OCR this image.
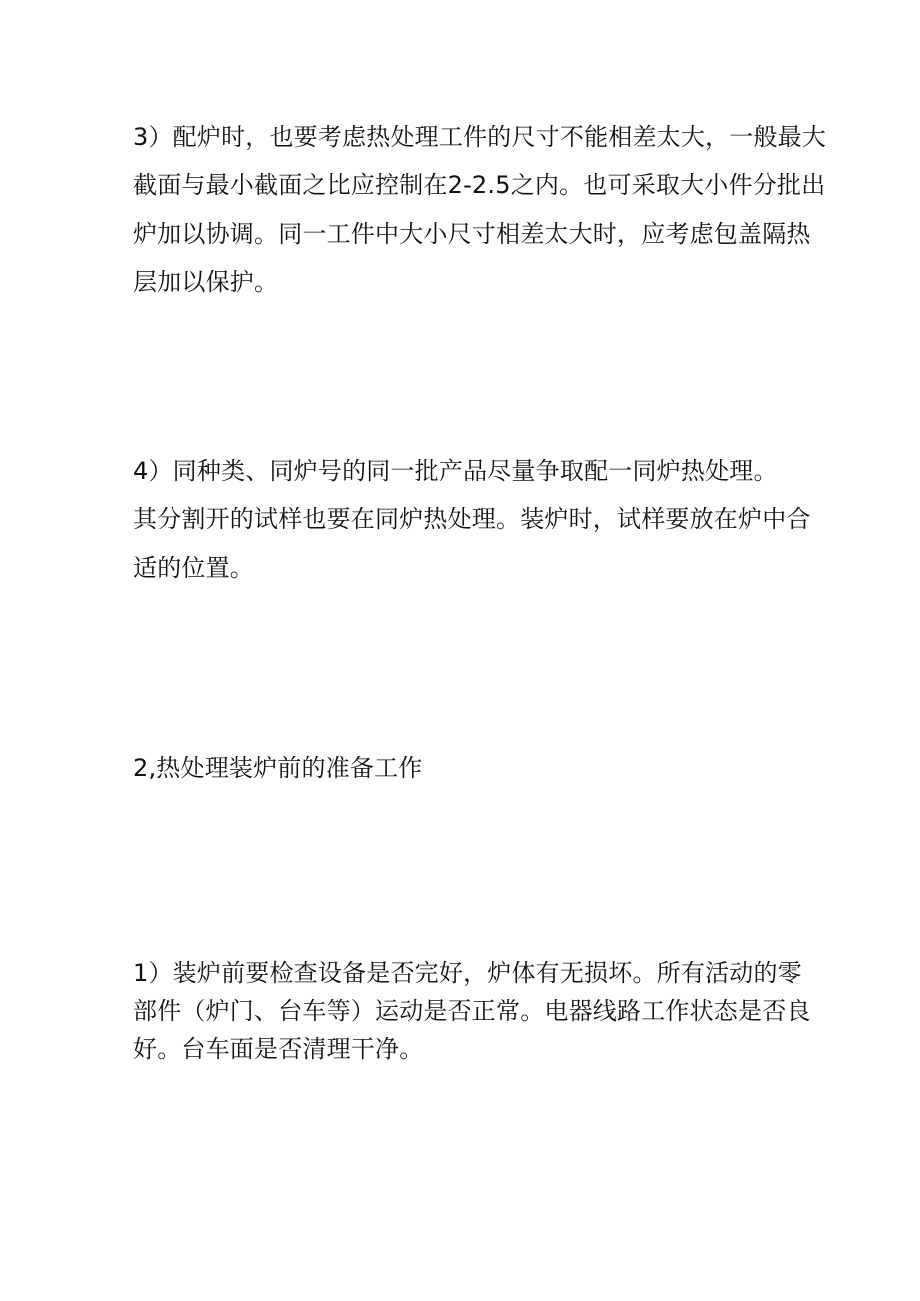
3）配炉时，也要考虑热处理工件的尺寸不能相差太大，一般最大
截面与最小截面之比应控制在2-2.5之内。也可采取大小件分批出
炉加以协调。同一工件中大小尺寸相差太大时，应考虑包盖隔热
层加以保护。
4）同种类、同炉号的同一批产品尽量争取配一同炉热处理。
其分割开的试样也要在同炉热处理。装炉时，试样要放在炉中合
适的位置。
2,热处理装炉前的准备工作
1）装炉前要检查设备是否完好，炉体有无损坏。所有活动的零
部件（炉门、台车等）运动是否正常。电器线路工作状态是否良
好。台车面是否清理干净。
